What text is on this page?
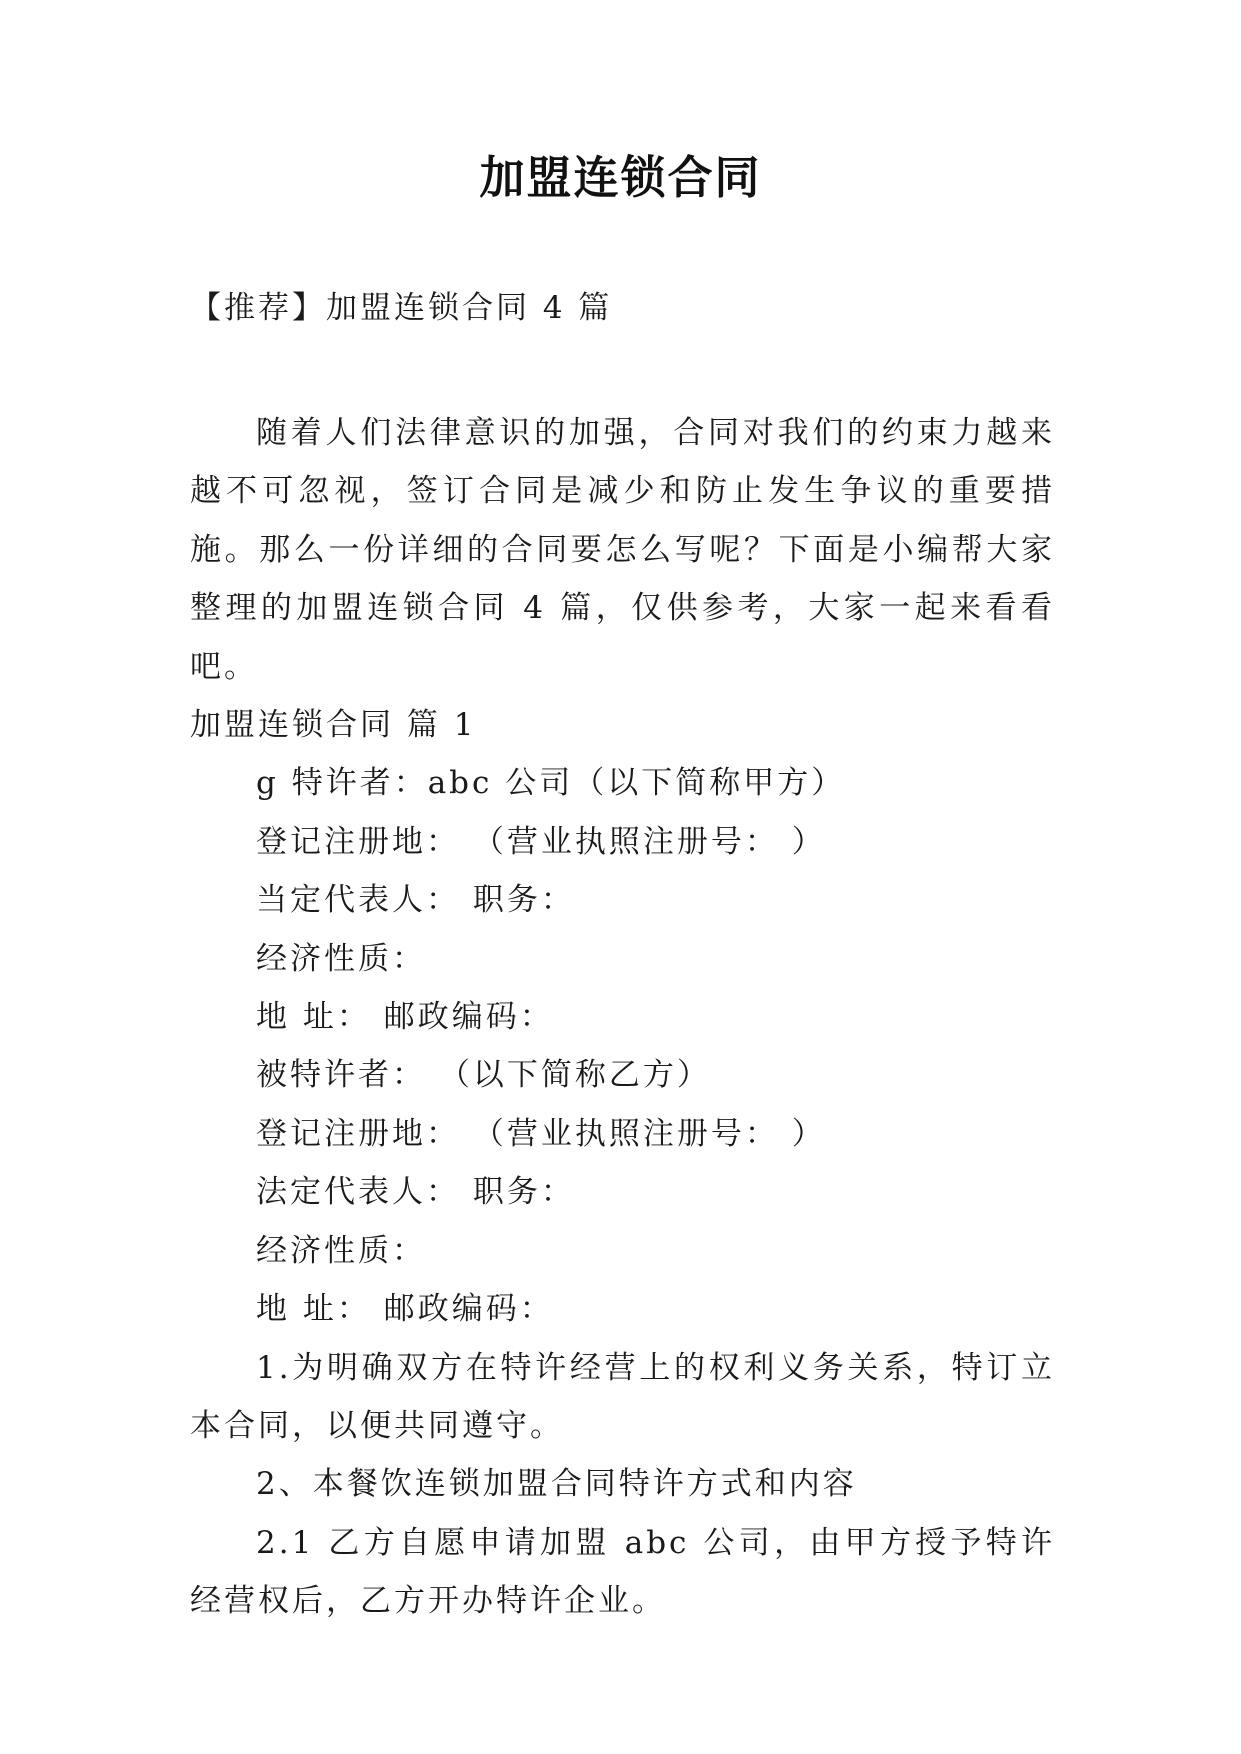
加盟连锁合同
【推荐】加盟连锁合同 4 篇

随着人们法律意识的加强，合同对我们的约束力越来越不可忽视，签订合同是减少和防止发生争议的重要措施。那么一份详细的合同要怎么写呢？下面是小编帮大家整理的加盟连锁合同 4 篇，仅供参考，大家一起来看看吧。

加盟连锁合同 篇 1

g 特许者：abc 公司（以下简称甲方）

登记注册地： （营业执照注册号： ）

当定代表人： 职务：

经济性质：

地 址： 邮政编码：

被特许者： （以下简称乙方）

登记注册地： （营业执照注册号： ）

法定代表人： 职务：

经济性质：

地 址： 邮政编码：

1.为明确双方在特许经营上的权利义务关系，特订立本合同，以便共同遵守。

2、本餐饮连锁加盟合同特许方式和内容

2.1 乙方自愿申请加盟 abc 公司，由甲方授予特许经营权后，乙方开办特许企业。
